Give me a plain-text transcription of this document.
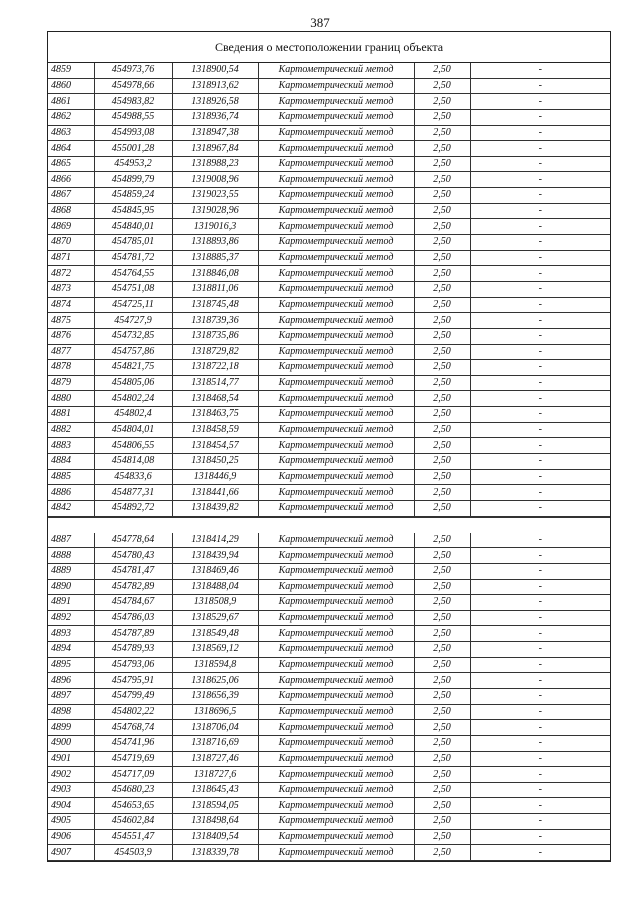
387
Сведения о местоположении границ объекта
4859	454973,76	1318900,54	Картометрический метод	2,50	-
4860	454978,66	1318913,62	Картометрический метод	2,50	-
4861	454983,82	1318926,58	Картометрический метод	2,50	-
4862	454988,55	1318936,74	Картометрический метод	2,50	-
4863	454993,08	1318947,38	Картометрический метод	2,50	-
4864	455001,28	1318967,84	Картометрический метод	2,50	-
4865	454953,2	1318988,23	Картометрический метод	2,50	-
4866	454899,79	1319008,96	Картометрический метод	2,50	-
4867	454859,24	1319023,55	Картометрический метод	2,50	-
4868	454845,95	1319028,96	Картометрический метод	2,50	-
4869	454840,01	1319016,3	Картометрический метод	2,50	-
4870	454785,01	1318893,86	Картометрический метод	2,50	-
4871	454781,72	1318885,37	Картометрический метод	2,50	-
4872	454764,55	1318846,08	Картометрический метод	2,50	-
4873	454751,08	1318811,06	Картометрический метод	2,50	-
4874	454725,11	1318745,48	Картометрический метод	2,50	-
4875	454727,9	1318739,36	Картометрический метод	2,50	-
4876	454732,85	1318735,86	Картометрический метод	2,50	-
4877	454757,86	1318729,82	Картометрический метод	2,50	-
4878	454821,75	1318722,18	Картометрический метод	2,50	-
4879	454805,06	1318514,77	Картометрический метод	2,50	-
4880	454802,24	1318468,54	Картометрический метод	2,50	-
4881	454802,4	1318463,75	Картометрический метод	2,50	-
4882	454804,01	1318458,59	Картометрический метод	2,50	-
4883	454806,55	1318454,57	Картометрический метод	2,50	-
4884	454814,08	1318450,25	Картометрический метод	2,50	-
4885	454833,6	1318446,9	Картометрический метод	2,50	-
4886	454877,31	1318441,66	Картометрический метод	2,50	-
4842	454892,72	1318439,82	Картометрический метод	2,50	-
4887	454778,64	1318414,29	Картометрический метод	2,50	-
4888	454780,43	1318439,94	Картометрический метод	2,50	-
4889	454781,47	1318469,46	Картометрический метод	2,50	-
4890	454782,89	1318488,04	Картометрический метод	2,50	-
4891	454784,67	1318508,9	Картометрический метод	2,50	-
4892	454786,03	1318529,67	Картометрический метод	2,50	-
4893	454787,89	1318549,48	Картометрический метод	2,50	-
4894	454789,93	1318569,12	Картометрический метод	2,50	-
4895	454793,06	1318594,8	Картометрический метод	2,50	-
4896	454795,91	1318625,06	Картометрический метод	2,50	-
4897	454799,49	1318656,39	Картометрический метод	2,50	-
4898	454802,22	1318696,5	Картометрический метод	2,50	-
4899	454768,74	1318706,04	Картометрический метод	2,50	-
4900	454741,96	1318716,69	Картометрический метод	2,50	-
4901	454719,69	1318727,46	Картометрический метод	2,50	-
4902	454717,09	1318727,6	Картометрический метод	2,50	-
4903	454680,23	1318645,43	Картометрический метод	2,50	-
4904	454653,65	1318594,05	Картометрический метод	2,50	-
4905	454602,84	1318498,64	Картометрический метод	2,50	-
4906	454551,47	1318409,54	Картометрический метод	2,50	-
4907	454503,9	1318339,78	Картометрический метод	2,50	-
